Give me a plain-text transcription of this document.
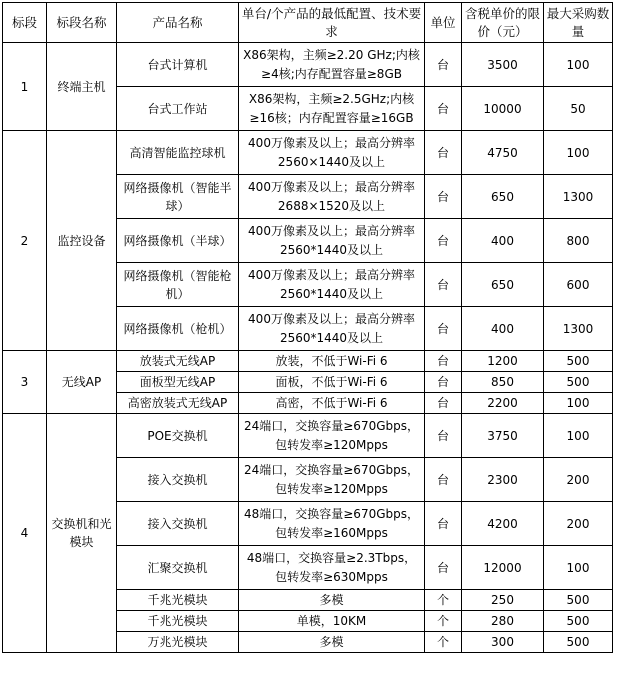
标段	标段名称	产品名称	单台/个产品的最低配置、技术要求	单位	含税单价的限价（元）	最大采购数量
1	终端主机	台式计算机	X86架构，主频≥2.20 GHz;内核≥4核;内存配置容量≥8GB	台	3500	100
		台式工作站	X86架构，主频≥2.5GHz;内核≥16核；内存配置容量≥16GB	台	10000	50
2	监控设备	高清智能监控球机	400万像素及以上；最高分辨率2560×1440及以上	台	4750	100
		网络摄像机（智能半球）	400万像素及以上；最高分辨率2688×1520及以上	台	650	1300
		网络摄像机（半球）	400万像素及以上；最高分辨率2560*1440及以上	台	400	800
		网络摄像机（智能枪机）	400万像素及以上；最高分辨率2560*1440及以上	台	650	600
		网络摄像机（枪机）	400万像素及以上；最高分辨率2560*1440及以上	台	400	1300
3	无线AP	放装式无线AP	放装，不低于Wi-Fi 6	台	1200	500
		面板型无线AP	面板，不低于Wi-Fi 6	台	850	500
		高密放装式无线AP	高密，不低于Wi-Fi 6	台	2200	100
4	交换机和光模块	POE交换机	24端口，交换容量≥670Gbps，包转发率≥120Mpps	台	3750	100
		接入交换机	24端口，交换容量≥670Gbps，包转发率≥120Mpps	台	2300	200
		接入交换机	48端口，交换容量≥670Gbps，包转发率≥160Mpps	台	4200	200
		汇聚交换机	48端口，交换容量≥2.3Tbps，包转发率≥630Mpps	台	12000	100
		千兆光模块	多模	个	250	500
		千兆光模块	单模，10KM	个	280	500
		万兆光模块	多模	个	300	500
